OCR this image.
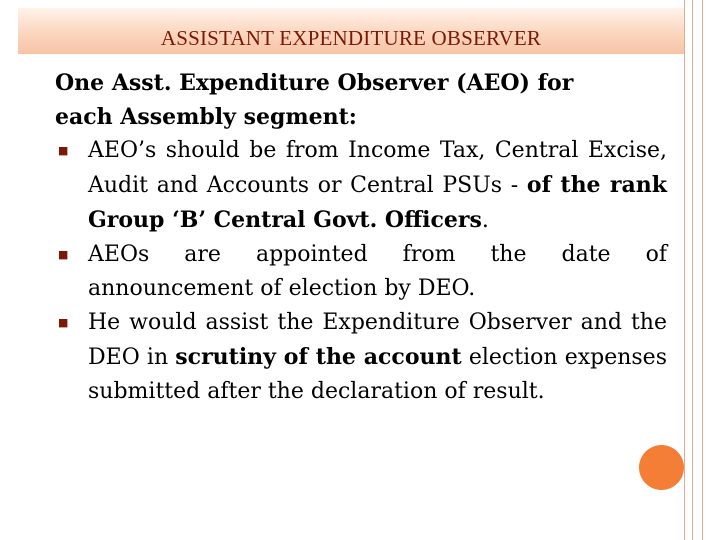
ASSISTANT EXPENDITURE OBSERVER
One Asst. Expenditure Observer (AEO) for
each Assembly segment:
■ AEO’s should be from Income Tax, Central Excise, Audit and Accounts or Central PSUs - of the rank Group ‘B’ Central Govt. Officers.
■ AEOs are appointed from the date of announcement of election by DEO.
■ He would assist the Expenditure Observer and the DEO in scrutiny of the account election expenses submitted after the declaration of result.
